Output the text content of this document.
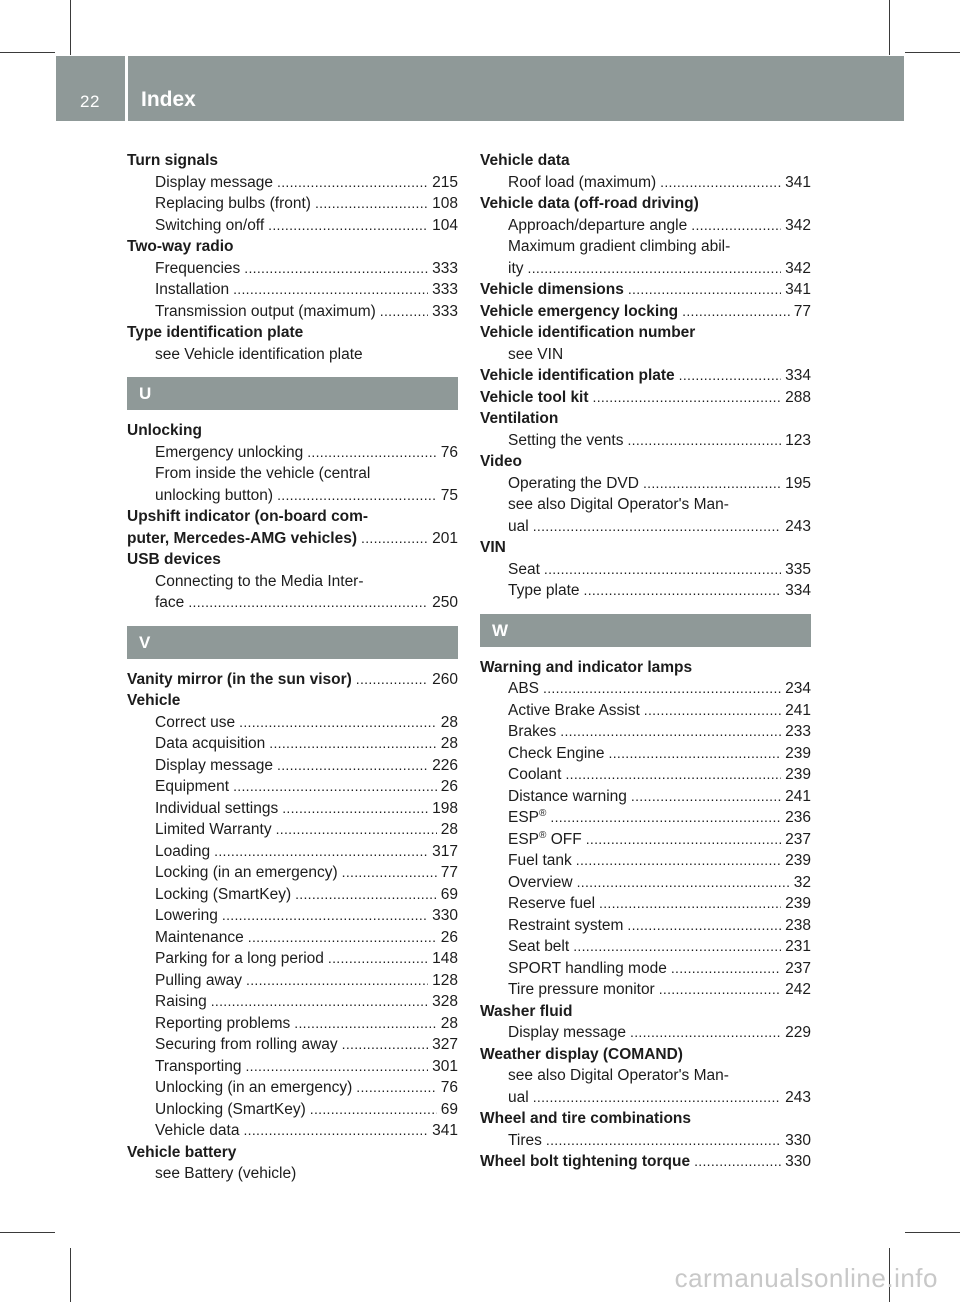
22 Index
Turn signals
Display message .....	215
Replacing bulbs (front) .....	108
Switching on/off .....	104
Two-way radio
Frequencies .....	333
Installation .....	333
Transmission output (maximum) .....	333
Type identification plate
see Vehicle identification plate
U
Unlocking
Emergency unlocking .....	76
From inside the vehicle (central
unlocking button) .....	75
Upshift indicator (on-board com-
puter, Mercedes-AMG vehicles) .....	201
USB devices
Connecting to the Media Inter-
face .....	250
V
Vanity mirror (in the sun visor) .....	260
Vehicle
Correct use .....	28
Data acquisition .....	28
Display message .....	226
Equipment .....	26
Individual settings .....	198
Limited Warranty .....	28
Loading .....	317
Locking (in an emergency) .....	77
Locking (SmartKey) .....	69
Lowering .....	330
Maintenance .....	26
Parking for a long period .....	148
Pulling away .....	128
Raising .....	328
Reporting problems .....	28
Securing from rolling away .....	327
Transporting .....	301
Unlocking (in an emergency) .....	76
Unlocking (SmartKey) .....	69
Vehicle data .....	341
Vehicle battery
see Battery (vehicle)
Vehicle data
Roof load (maximum) .....	341
Vehicle data (off-road driving)
Approach/departure angle .....	342
Maximum gradient climbing abil-
ity .....	342
Vehicle dimensions .....	341
Vehicle emergency locking .....	77
Vehicle identification number
see VIN
Vehicle identification plate .....	334
Vehicle tool kit .....	288
Ventilation
Setting the vents .....	123
Video
Operating the DVD .....	195
see also Digital Operator's Man-
ual .....	243
VIN
Seat .....	335
Type plate .....	334
W
Warning and indicator lamps
ABS .....	234
Active Brake Assist .....	241
Brakes .....	233
Check Engine .....	239
Coolant .....	239
Distance warning .....	241
ESP® .....	236
ESP® OFF .....	237
Fuel tank .....	239
Overview .....	32
Reserve fuel .....	239
Restraint system .....	238
Seat belt .....	231
SPORT handling mode .....	237
Tire pressure monitor .....	242
Washer fluid
Display message .....	229
Weather display (COMAND)
see also Digital Operator's Man-
ual .....	243
Wheel and tire combinations
Tires .....	330
Wheel bolt tightening torque .....	330
carmanualsonline.info
